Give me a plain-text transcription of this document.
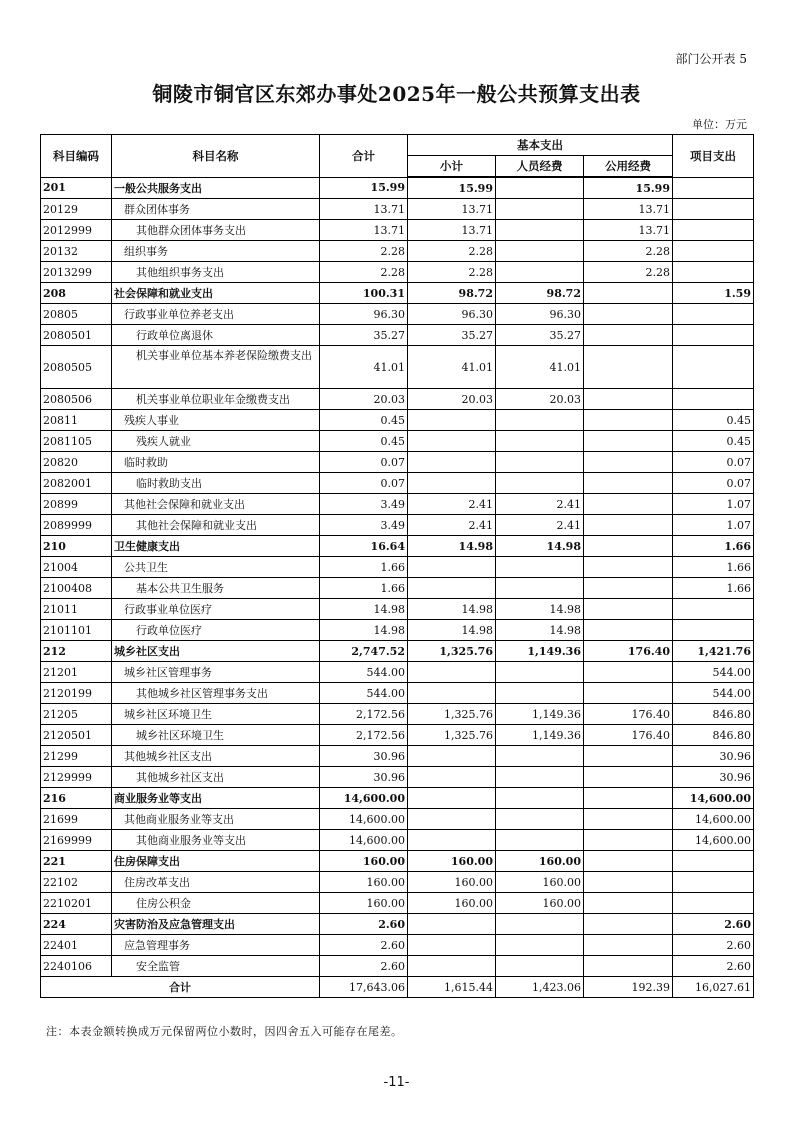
部门公开表 5
铜陵市铜官区东郊办事处2025年一般公共预算支出表
单位：万元
科目编码	科目名称	合计	基本支出			项目支出
			小计	人员经费	公用经费	
201	一般公共服务支出	15.99	15.99		15.99	
20129	群众团体事务	13.71	13.71		13.71	
2012999	其他群众团体事务支出	13.71	13.71		13.71	
20132	组织事务	2.28	2.28		2.28	
2013299	其他组织事务支出	2.28	2.28		2.28	
208	社会保障和就业支出	100.31	98.72	98.72		1.59
20805	行政事业单位养老支出	96.30	96.30	96.30		
2080501	行政单位离退休	35.27	35.27	35.27		
2080505	机关事业单位基本养老保险缴费支出	41.01	41.01	41.01		
2080506	机关事业单位职业年金缴费支出	20.03	20.03	20.03		
20811	残疾人事业	0.45				0.45
2081105	残疾人就业	0.45				0.45
20820	临时救助	0.07				0.07
2082001	临时救助支出	0.07				0.07
20899	其他社会保障和就业支出	3.49	2.41	2.41		1.07
2089999	其他社会保障和就业支出	3.49	2.41	2.41		1.07
210	卫生健康支出	16.64	14.98	14.98		1.66
21004	公共卫生	1.66				1.66
2100408	基本公共卫生服务	1.66				1.66
21011	行政事业单位医疗	14.98	14.98	14.98		
2101101	行政单位医疗	14.98	14.98	14.98		
212	城乡社区支出	2,747.52	1,325.76	1,149.36	176.40	1,421.76
21201	城乡社区管理事务	544.00				544.00
2120199	其他城乡社区管理事务支出	544.00				544.00
21205	城乡社区环境卫生	2,172.56	1,325.76	1,149.36	176.40	846.80
2120501	城乡社区环境卫生	2,172.56	1,325.76	1,149.36	176.40	846.80
21299	其他城乡社区支出	30.96				30.96
2129999	其他城乡社区支出	30.96				30.96
216	商业服务业等支出	14,600.00				14,600.00
21699	其他商业服务业等支出	14,600.00				14,600.00
2169999	其他商业服务业等支出	14,600.00				14,600.00
221	住房保障支出	160.00	160.00	160.00		
22102	住房改革支出	160.00	160.00	160.00		
2210201	住房公积金	160.00	160.00	160.00		
224	灾害防治及应急管理支出	2.60				2.60
22401	应急管理事务	2.60				2.60
2240106	安全监管	2.60				2.60
合计		17,643.06	1,615.44	1,423.06	192.39	16,027.61
注：本表金额转换成万元保留两位小数时，因四舍五入可能存在尾差。
-11-
